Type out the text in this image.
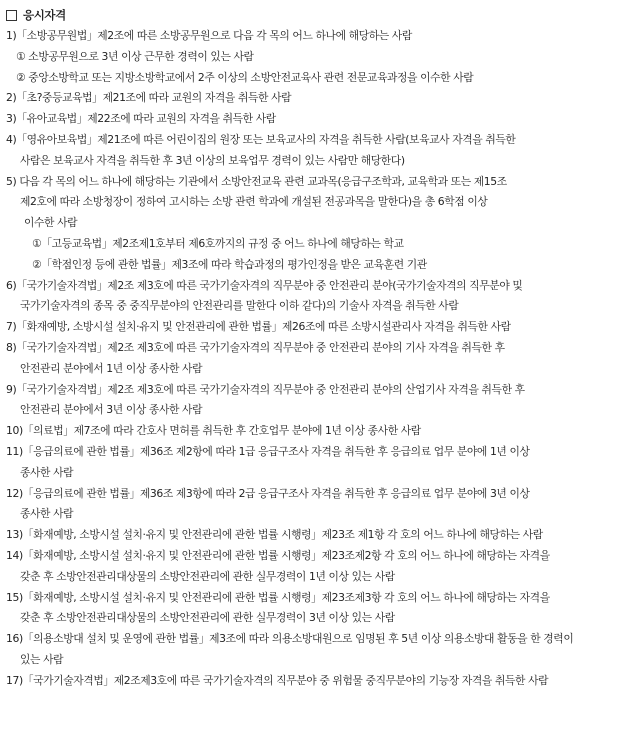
응시자격
1)「소방공무원법」제2조에 따른 소방공무원으로 다음 각 목의 어느 하나에 해당하는 사람
① 소방공무원으로 3년 이상 근무한 경력이 있는 사람
② 중앙소방학교 또는 지방소방학교에서 2주 이상의 소방안전교육사 관련 전문교육과정을 이수한 사람
2)「초?중등교육법」제21조에 따라 교원의 자격을 취득한 사람
3)「유아교육법」제22조에 따라 교원의 자격을 취득한 사람
4)「영유아보육법」제21조에 따른 어린이집의 원장 또는 보육교사의 자격을 취득한 사람(보육교사 자격을 취득한
사람은 보육교사 자격을 취득한 후 3년 이상의 보육업무 경력이 있는 사람만 해당한다)
5) 다음 각 목의 어느 하나에 해당하는 기관에서 소방안전교육 관련 교과목(응급구조학과, 교육학과 또는 제15조
제2호에 따라 소방청장이 정하여 고시하는 소방 관련 학과에 개설된 전공과목을 말한다)을 총 6학점 이상
이수한 사람
①「고등교육법」제2조제1호부터 제6호까지의 규정 중 어느 하나에 해당하는 학교
②「학점인정 등에 관한 법률」제3조에 따라 학습과정의 평가인정을 받은 교육훈련 기관
6)「국가기술자격법」제2조 제3호에 따른 국가기술자격의 직무분야 중 안전관리 분야(국가기술자격의 직무분야 및
국가기술자격의 종목 중 중직무분야의 안전관리를 말한다 이하 같다)의 기술사 자격을 취득한 사람
7)「화재예방, 소방시설 설치·유지 및 안전관리에 관한 법률」제26조에 따른 소방시설관리사 자격을 취득한 사람
8)「국가기술자격법」제2조 제3호에 따른 국가기술자격의 직무분야 중 안전관리 분야의 기사 자격을 취득한 후
안전관리 분야에서 1년 이상 종사한 사람
9)「국가기술자격법」제2조 제3호에 따른 국가기술자격의 직무분야 중 안전관리 분야의 산업기사 자격을 취득한 후
안전관리 분야에서 3년 이상 종사한 사람
10)「의료법」제7조에 따라 간호사 면허를 취득한 후 간호업무 분야에 1년 이상 종사한 사람
11)「응급의료에 관한 법률」제36조 제2항에 따라 1급 응급구조사 자격을 취득한 후 응급의료 업무 분야에 1년 이상
종사한 사람
12)「응급의료에 관한 법률」제36조 제3항에 따라 2급 응급구조사 자격을 취득한 후 응급의료 업무 분야에 3년 이상
종사한 사람
13)「화재예방, 소방시설 설치·유지 및 안전관리에 관한 법률 시행령」제23조 제1항 각 호의 어느 하나에 해당하는 사람
14)「화재예방, 소방시설 설치·유지 및 안전관리에 관한 법률 시행령」제23조제2항 각 호의 어느 하나에 해당하는 자격을
갖춘 후 소방안전관리대상물의 소방안전관리에 관한 실무경력이 1년 이상 있는 사람
15)「화재예방, 소방시설 설치·유지 및 안전관리에 관한 법률 시행령」제23조제3항 각 호의 어느 하나에 해당하는 자격을
갖춘 후 소방안전관리대상물의 소방안전관리에 관한 실무경력이 3년 이상 있는 사람
16)「의용소방대 설치 및 운영에 관한 법률」제3조에 따라 의용소방대원으로 임명된 후 5년 이상 의용소방대 활동을 한 경력이
있는 사람
17)「국가기술자격법」제2조제3호에 따른 국가기술자격의 직무분야 중 위험물 중직무분야의 기능장 자격을 취득한 사람
